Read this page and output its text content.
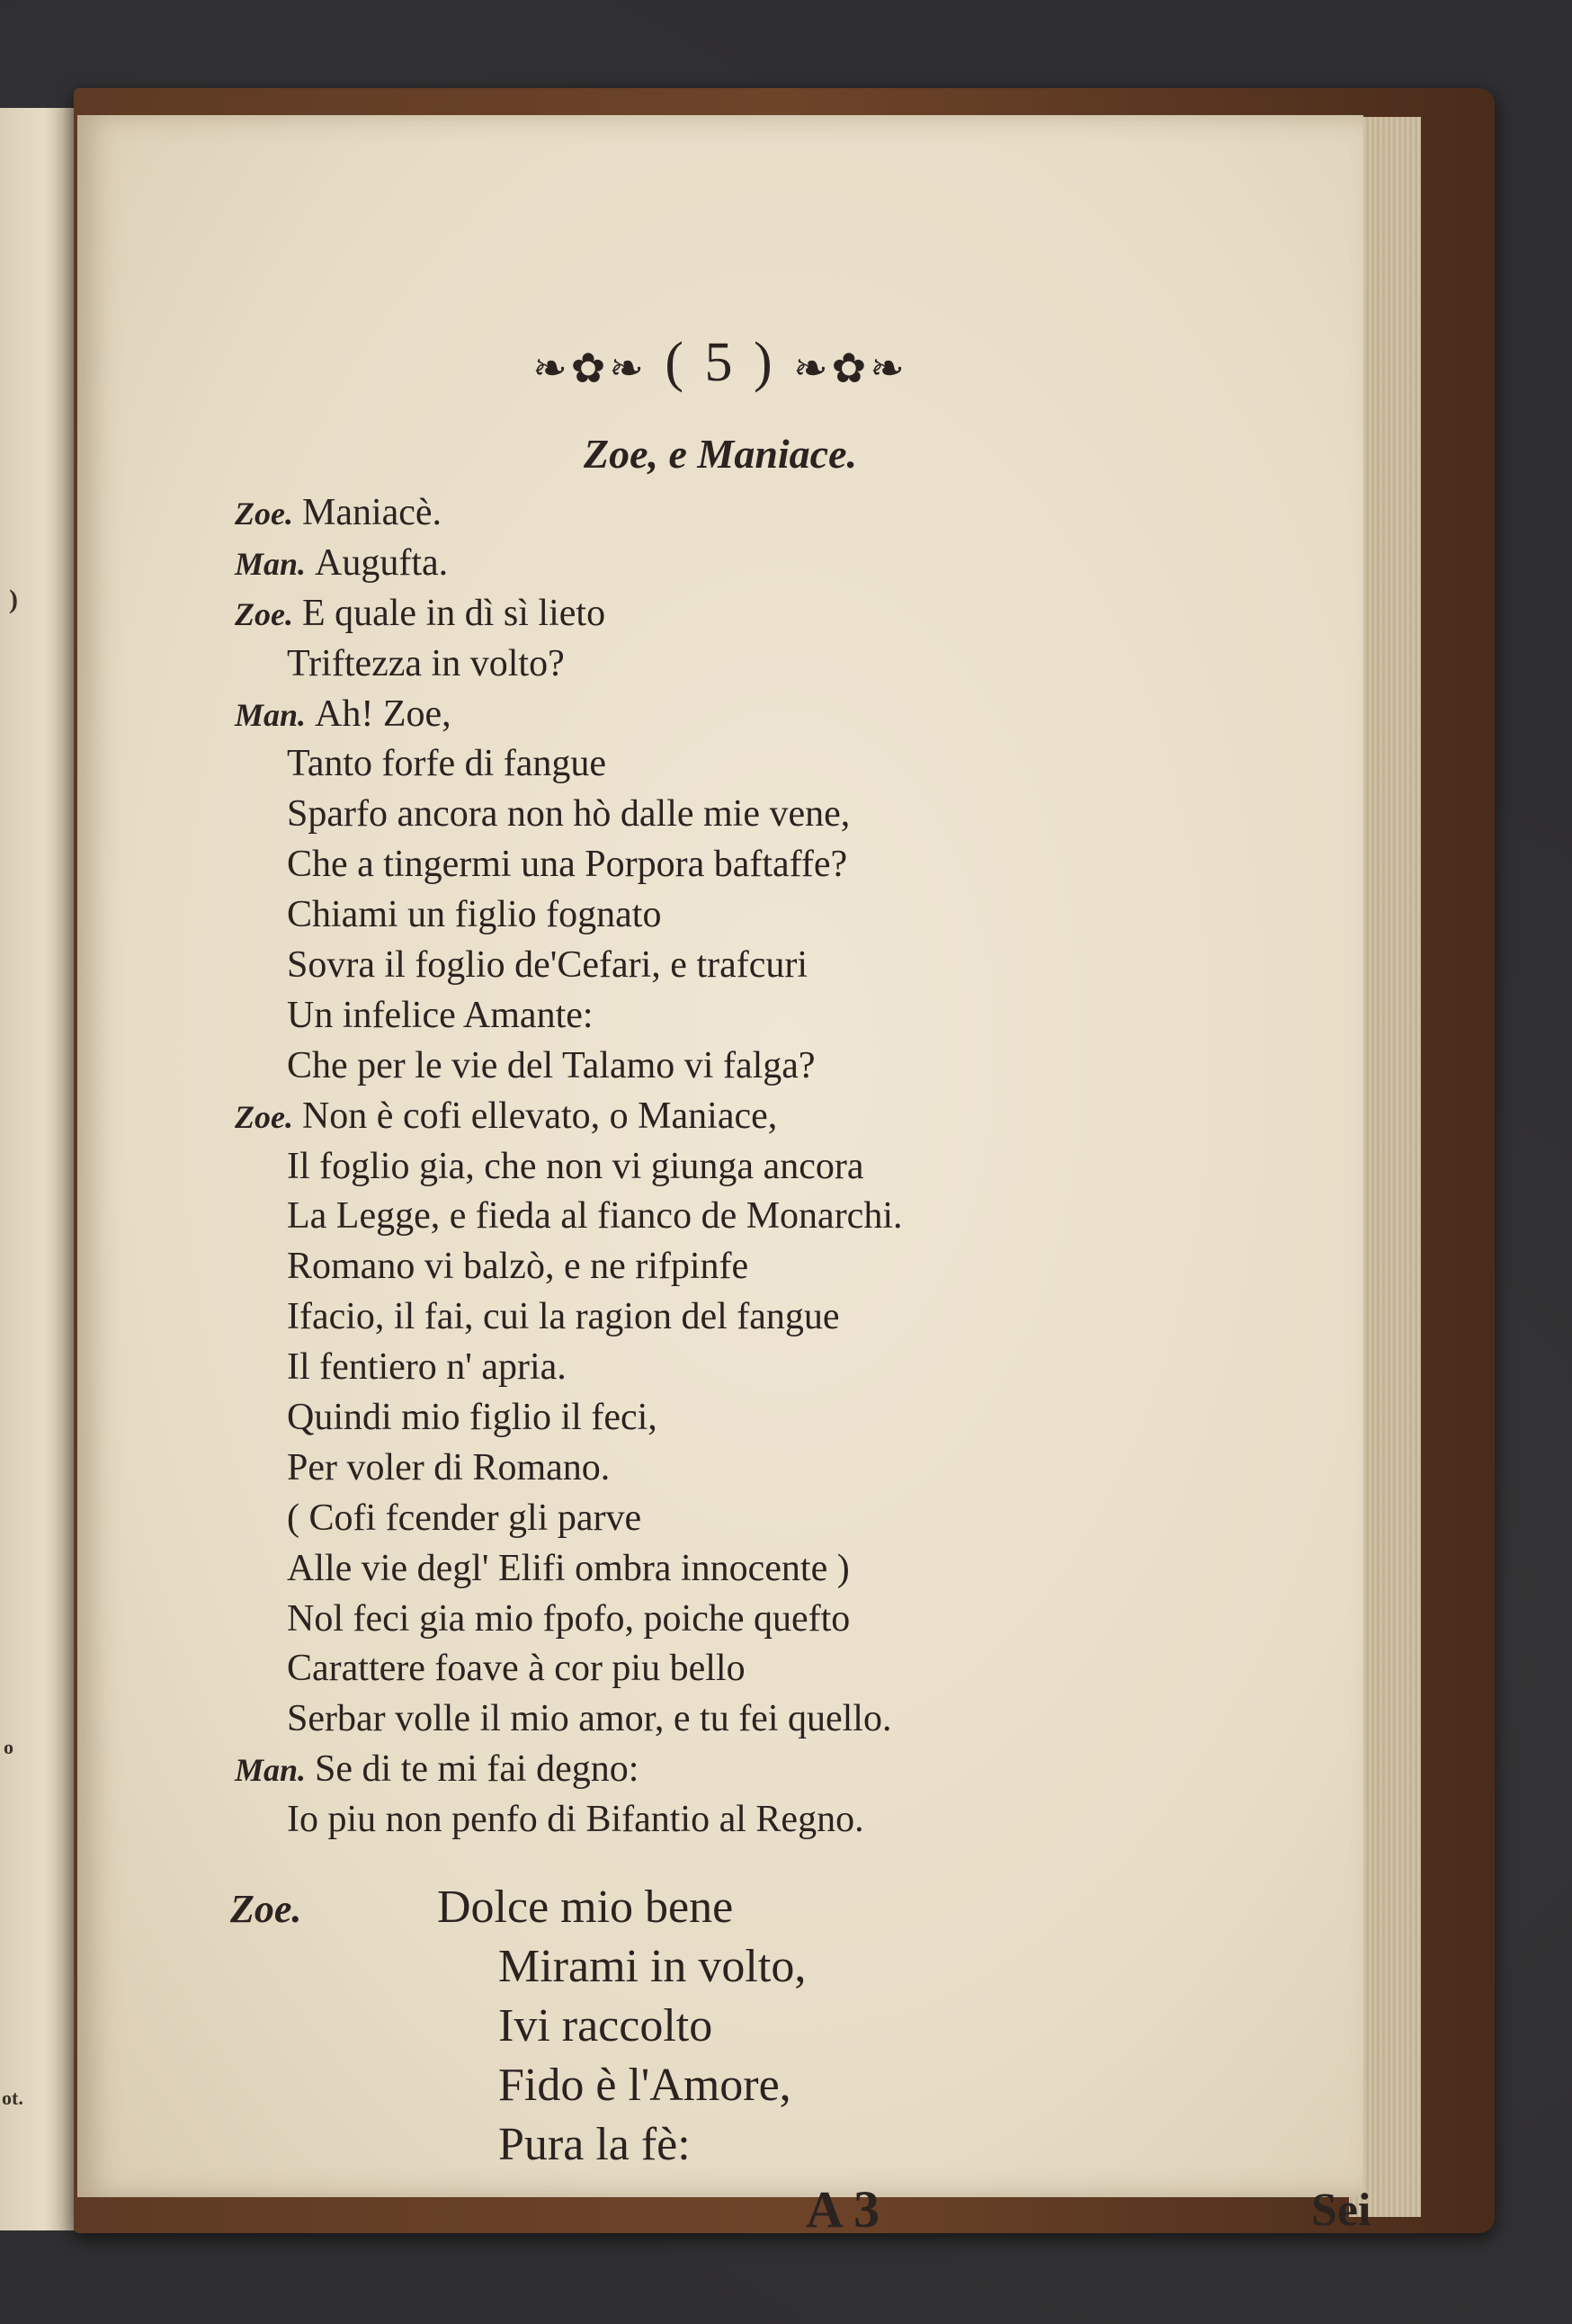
)
o
ot.
❧✿❧ ( 5 ) ❧✿❧
Zoe, e Maniace.
Zoe. Maniacè.
Man. Augufta.
Zoe. E quale in dì sì lieto
Triftezza in volto?
Man. Ah! Zoe,
Tanto forfe di fangue
Sparfo ancora non hò dalle mie vene,
Che a tingermi una Porpora baftaffe?
Chiami un figlio fognato
Sovra il foglio de'Cefari, e trafcuri
Un infelice Amante:
Che per le vie del Talamo vi falga?
Zoe. Non è cofi ellevato, o Maniace,
Il foglio gia, che non vi giunga ancora
La Legge, e fieda al fianco de Monarchi.
Romano vi balzò, e ne rifpinfe
Ifacio, il fai, cui la ragion del fangue
Il fentiero n' apria.
Quindi mio figlio il feci,
Per voler di Romano.
( Cofi fcender gli parve
Alle vie degl' Elifi ombra innocente )
Nol feci gia mio fpofo, poiche quefto
Carattere foave à cor piu bello
Serbar volle il mio amor, e tu fei quello.
Man. Se di te mi fai degno:
Io piu non penfo di Bifantio al Regno.
Zoe.	Dolce mio bene
Mirami in volto,
Ivi raccolto
Fido è l'Amore,
Pura la fè:
A 3	Sei
